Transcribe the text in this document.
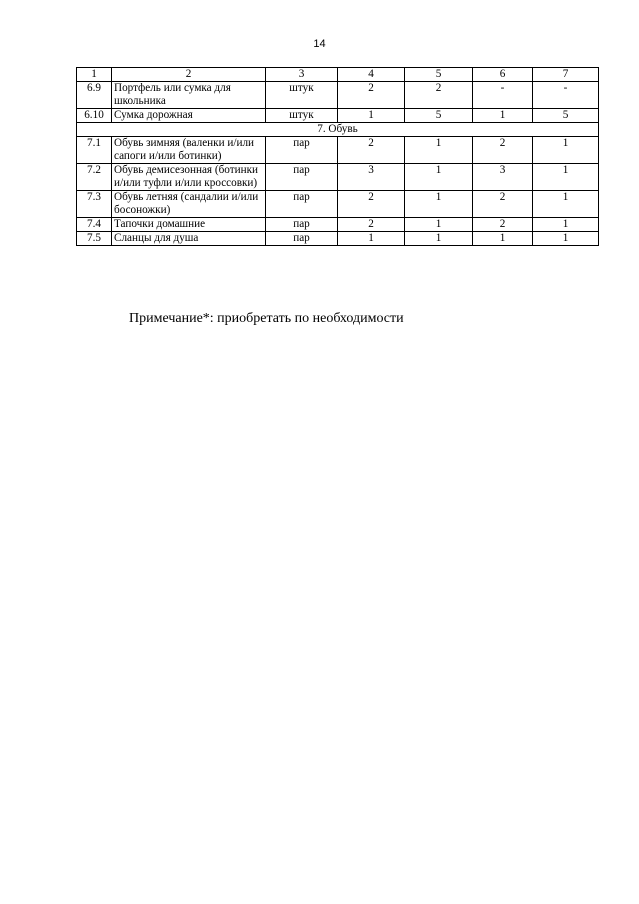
14
1	2	3	4	5	6	7
6.9	Портфель или сумка для школьника	штук	2	2	-	-
6.10	Сумка дорожная	штук	1	5	1	5
7. Обувь						
7.1	Обувь зимняя (валенки и/или сапоги и/или ботинки)	пар	2	1	2	1
7.2	Обувь демисезонная (ботинки и/или туфли и/или кроссовки)	пар	3	1	3	1
7.3	Обувь летняя (сандалии и/или босоножки)	пар	2	1	2	1
7.4	Тапочки домашние	пар	2	1	2	1
7.5	Сланцы для душа	пар	1	1	1	1
Примечание*: приобретать по необходимости
